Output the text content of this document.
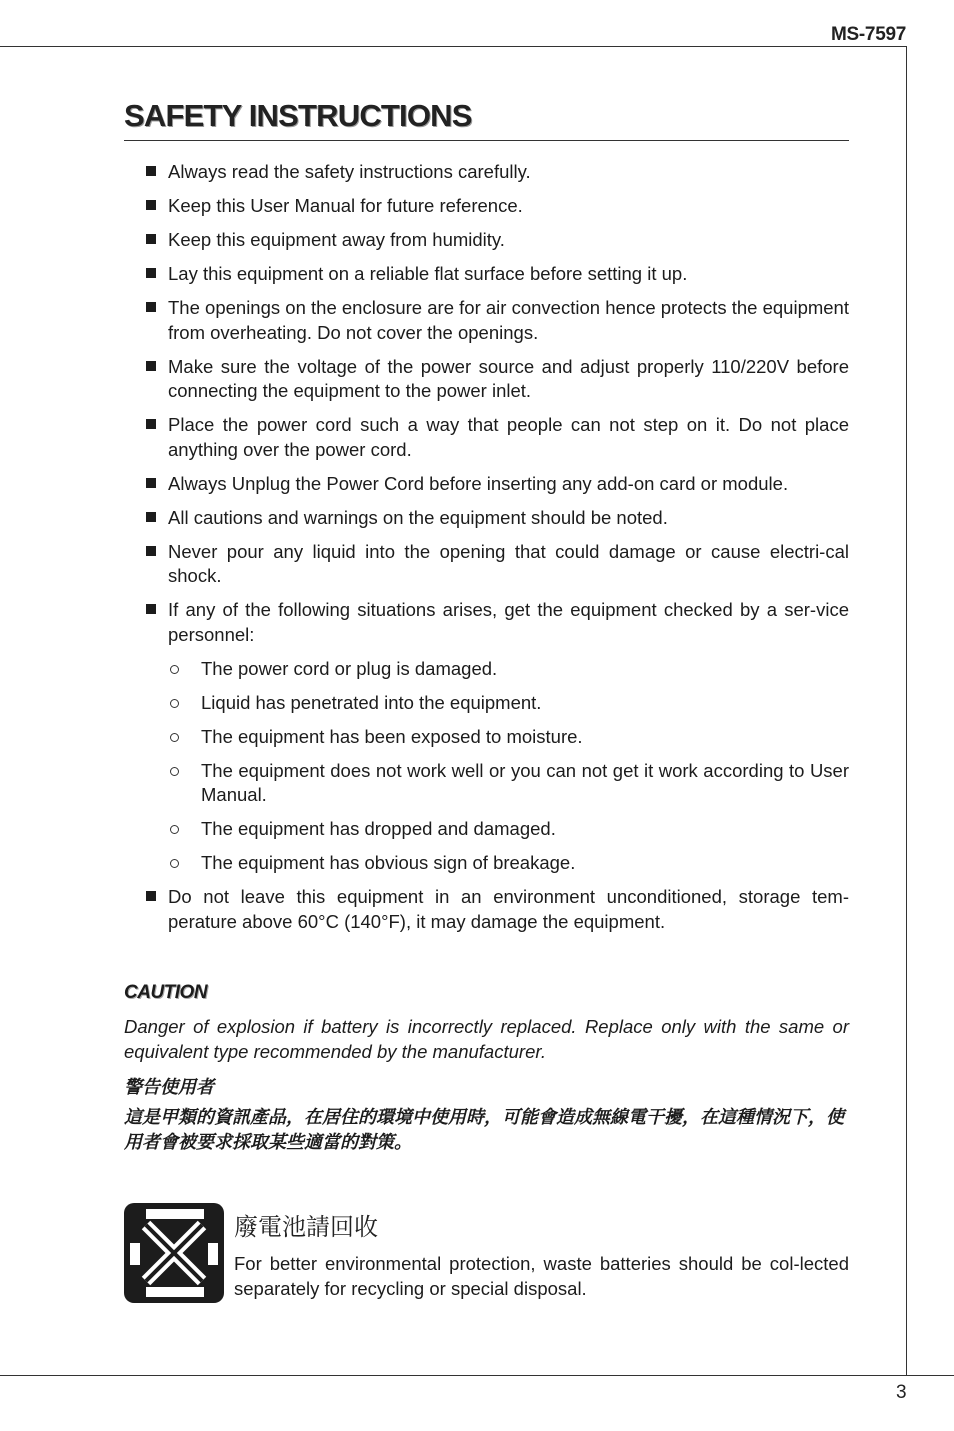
MS-7597
3
SAFETY INSTRUCTIONS
Always read the safety instructions carefully.
Keep this User Manual for future reference.
Keep this equipment away from humidity.
Lay this equipment on a reliable flat surface before setting it up.
The openings on the enclosure are for air convection hence protects the equipment from overheating. Do not cover the openings.
Make sure the voltage of the power source and adjust properly 110/220V before connecting the equipment to the power inlet.
Place the power cord such a way that people can not step on it. Do not place anything over the power cord.
Always Unplug the Power Cord before inserting any add-on card or module.
All cautions and warnings on the equipment should be noted.
Never pour any liquid into the opening that could damage or cause electri-cal shock.
If any of the following situations arises, get the equipment checked by a ser-vice personnel:
The power cord or plug is damaged.
Liquid has penetrated into the equipment.
The equipment has been exposed to moisture.
The equipment does not work well or you can not get it work according to User Manual.
The equipment has dropped and damaged.
The equipment has obvious sign of breakage.
Do not leave this equipment in an environment unconditioned, storage tem-perature above 60°C (140°F), it may damage the equipment.
CAUTION
Danger of explosion if battery is incorrectly replaced. Replace only with the same or equivalent type recommended by the manufacturer.
警告使用者
這是甲類的資訊產品，在居住的環境中使用時，可能會造成無線電干擾，在這種情況下，使用者會被要求採取某些適當的對策。
廢電池請回收
For better environmental protection, waste batteries should be col-lected separately for recycling or special disposal.
